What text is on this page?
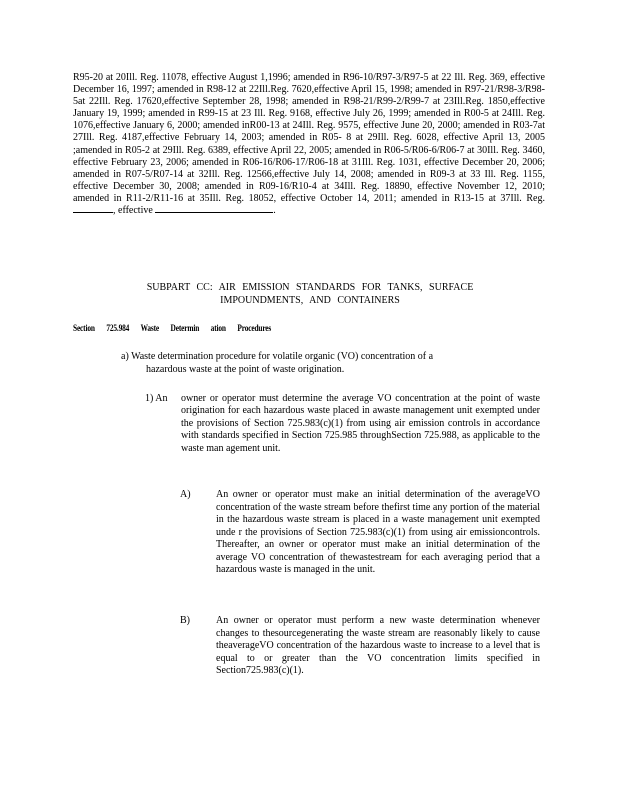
R95-20 at 20Ill. Reg. 11078, effective August 1,1996; amended in R96-10/R97-3/R97-5 at 22 Ill. Reg. 369, effective December 16, 1997; amended in R98-12 at 22Ill.Reg. 7620,effective April 15, 1998; amended in R97-21/R98-3/R98-5at 22Ill. Reg. 17620,effective September 28, 1998; amended in R98-21/R99-2/R99-7 at 23Ill.Reg. 1850,effective January 19, 1999; amended in R99-15 at 23 Ill. Reg. 9168, effective July 26, 1999; amended in R00-5 at 24Ill. Reg. 1076,effective January 6, 2000; amended inR00-13 at 24Ill. Reg. 9575, effective June 20, 2000; amended in R03-7at 27Ill. Reg. 4187,effective February 14, 2003; amended in R05- 8 at 29Ill. Reg. 6028, effective April 13, 2005 ;amended in R05-2 at 29Ill. Reg. 6389, effective April 22, 2005; amended in R06-5/R06-6/R06-7 at 30Ill. Reg. 3460, effective February 23, 2006; amended in R06-16/R06-17/R06-18 at 31Ill. Reg. 1031, effective December 20, 2006; amended in R07-5/R07-14 at 32Ill. Reg. 12566,effective July 14, 2008; amended in R09-3 at 33 Ill. Reg. 1155, effective December 30, 2008; amended in R09-16/R10-4 at 34Ill. Reg. 18890, effective November 12, 2010; amended in R11-2/R11-16 at 35Ill. Reg. 18052, effective October 14, 2011; amended in R13-15 at 37Ill. Reg. , effective	.
SUBPART CC: AIR EMISSION STANDARDS FOR TANKS, SURFACE
IMPOUNDMENTS, AND CONTAINERS
Section 725.984 Waste Determin ation Procedures
a) Waste determination procedure for volatile organic (VO) concentration of a
hazardous waste at the point of waste origination.
1) An owner or operator must determine the average VO concentration at the point of waste origination for each hazardous waste placed in awaste management unit exempted under the provisions of Section 725.983(c)(1) from using air emission controls in accordance with standards specified in Section 725.985 throughSection 725.988, as applicable to the waste man agement unit.
A)	An owner or operator must make an initial determination of the averageVO concentration of the waste stream before thefirst time any portion of the material in the hazardous waste stream is placed in a waste management unit exempted unde r the provisions of Section 725.983(c)(1) from using air emissioncontrols. Thereafter, an owner or operator must make an initial determination of the average VO concentration of thewastestream for each averaging period that a hazardous waste is managed in the unit.
B)	An owner or operator must perform a new waste determination whenever changes to thesourcegenerating the waste stream are reasonably likely to cause theaverageVO concentration of the hazardous waste to increase to a level that is equal to or greater than the VO concentration limits specified in Section725.983(c)(1).
